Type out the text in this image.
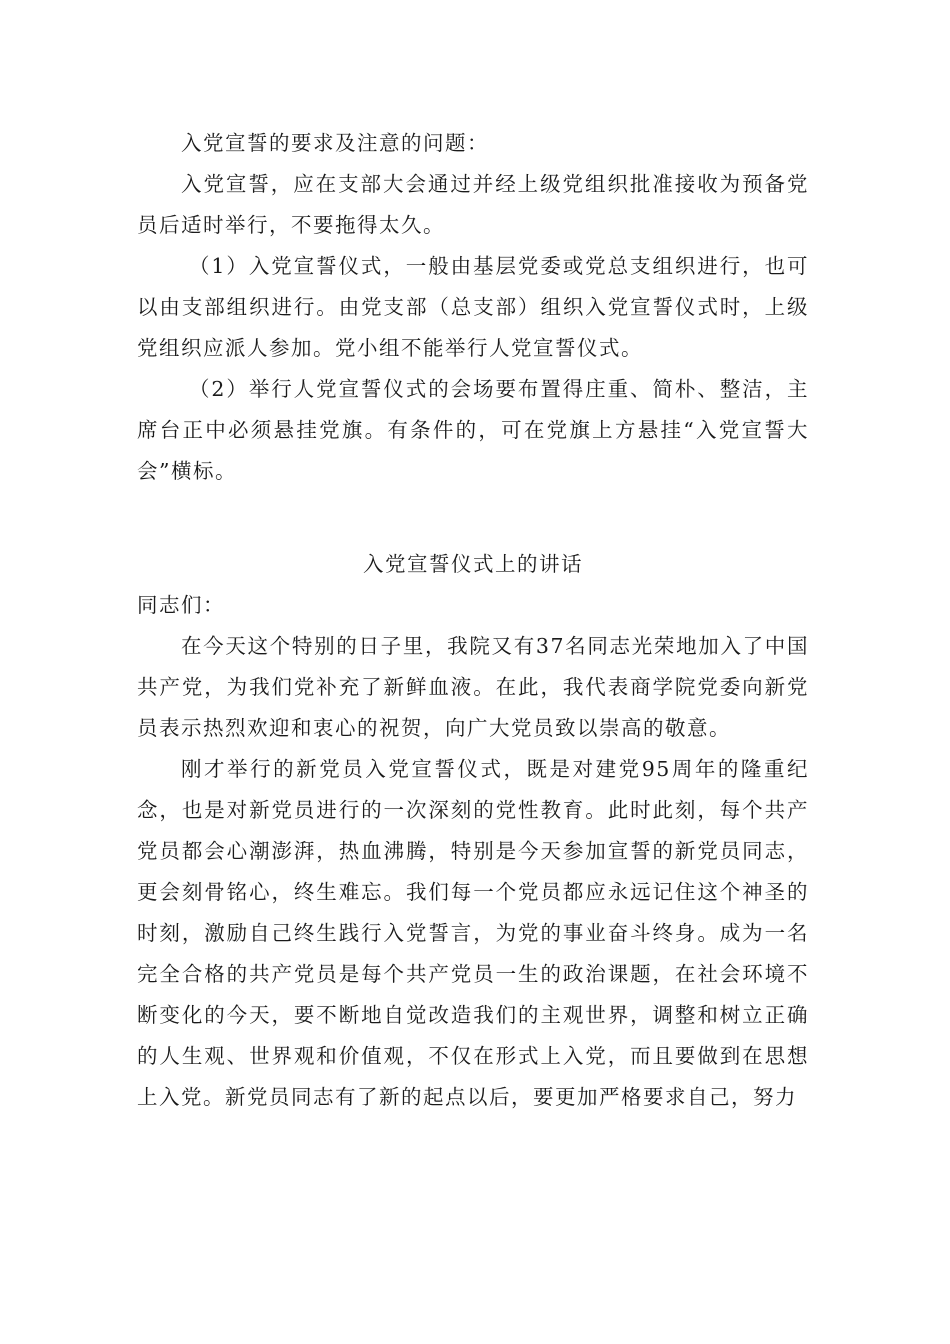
入党宣誓的要求及注意的问题：

入党宣誓，应在支部大会通过并经上级党组织批准接收为预备党员后适时举行，不要拖得太久。

（1）入党宣誓仪式，一般由基层党委或党总支组织进行，也可以由支部组织进行。由党支部（总支部）组织入党宣誓仪式时，上级党组织应派人参加。党小组不能举行人党宣誓仪式。

（2）举行人党宣誓仪式的会场要布置得庄重、简朴、整洁，主席台正中必须悬挂党旗。有条件的，可在党旗上方悬挂“入党宣誓大会”横标。

入党宣誓仪式上的讲话

同志们：

在今天这个特别的日子里，我院又有37名同志光荣地加入了中国共产党，为我们党补充了新鲜血液。在此，我代表商学院党委向新党员表示热烈欢迎和衷心的祝贺，向广大党员致以崇高的敬意。

刚才举行的新党员入党宣誓仪式，既是对建党95周年的隆重纪念，也是对新党员进行的一次深刻的党性教育。此时此刻，每个共产党员都会心潮澎湃，热血沸腾，特别是今天参加宣誓的新党员同志，更会刻骨铭心，终生难忘。我们每一个党员都应永远记住这个神圣的时刻，激励自己终生践行入党誓言，为党的事业奋斗终身。成为一名完全合格的共产党员是每个共产党员一生的政治课题，在社会环境不断变化的今天，要不断地自觉改造我们的主观世界，调整和树立正确的人生观、世界观和价值观，不仅在形式上入党，而且要做到在思想上入党。新党员同志有了新的起点以后，要更加严格要求自己，努力
